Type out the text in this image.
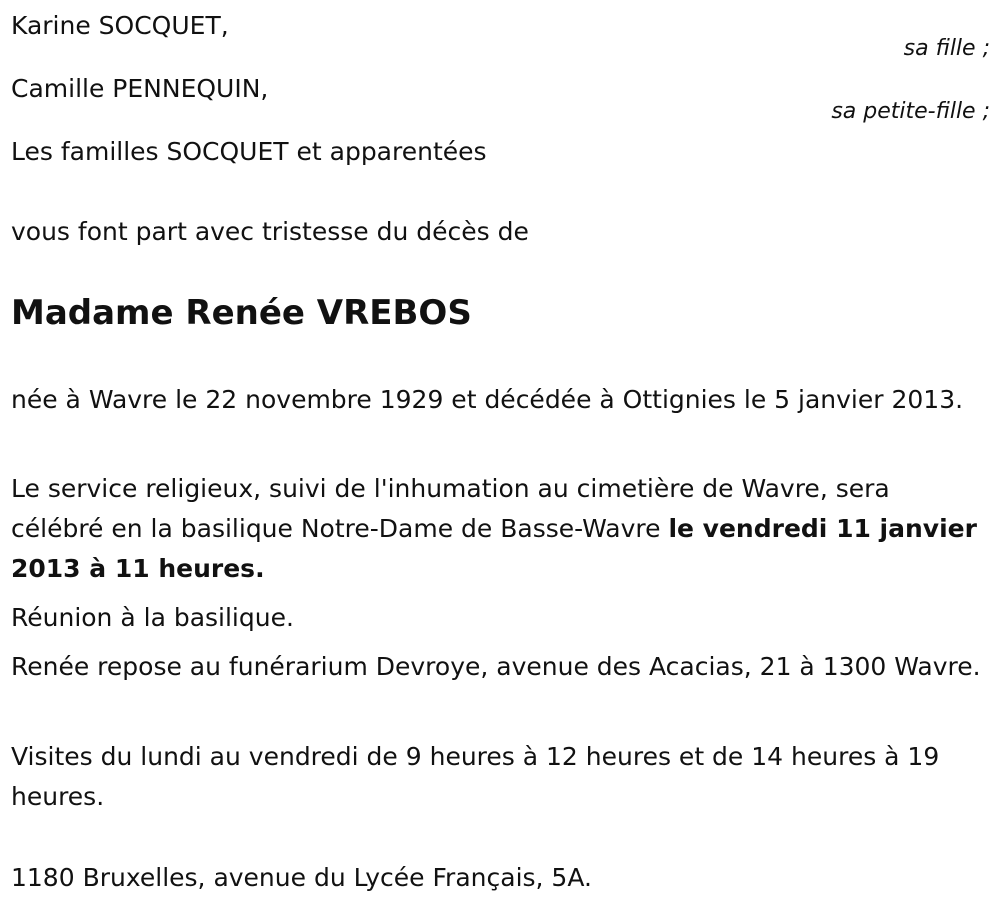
Karine SOCQUET,
sa fille ;
Camille PENNEQUIN,
sa petite-fille ;
Les familles SOCQUET et apparentées
vous font part avec tristesse du décès de
Madame Renée VREBOS

née à Wavre le 22 novembre 1929 et décédée à Ottignies le 5 janvier 2013.

Le service religieux, suivi de l'inhumation au cimetière de Wavre, sera célébré en la basilique Notre-Dame de Basse-Wavre le vendredi 11 janvier 2013 à 11 heures.

Réunion à la basilique.

Renée repose au funérarium Devroye, avenue des Acacias, 21 à 1300 Wavre.

Visites du lundi au vendredi de 9 heures à 12 heures et de 14 heures à 19 heures.

1180 Bruxelles, avenue du Lycée Français, 5A.
